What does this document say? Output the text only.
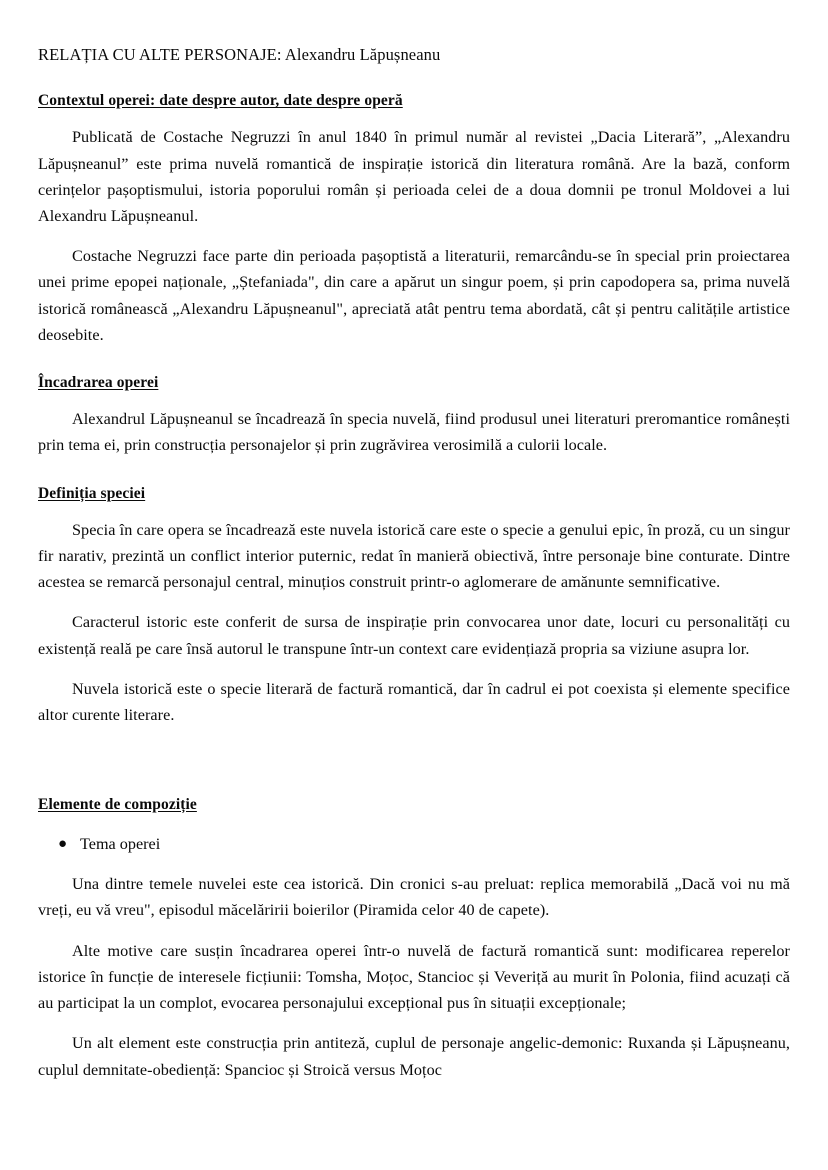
RELAȚIA CU ALTE PERSONAJE: Alexandru Lăpușneanu
Contextul operei: date despre autor, date despre operă

Publicată de Costache Negruzzi în anul 1840 în primul număr al revistei „Dacia Literară”, „Alexandru Lăpușneanul” este prima nuvelă romantică de inspirație istorică din literatura română. Are la bază, conform cerințelor pașoptismului, istoria poporului român și perioada celei de a doua domnii pe tronul Moldovei a lui Alexandru Lăpușneanul.

Costache Negruzzi face parte din perioada pașoptistă a literaturii, remarcându-se în special prin proiectarea unei prime epopei naționale, „Ștefaniada", din care a apărut un singur poem, și prin capodopera sa, prima nuvelă istorică românească „Alexandru Lăpușneanul", apreciată atât pentru tema abordată, cât și pentru calitățile artistice deosebite.

Încadrarea operei

Alexandrul Lăpușneanul se încadrează în specia nuvelă, fiind produsul unei literaturi preromantice românești prin tema ei, prin construcția personajelor și prin zugrăvirea verosimilă a culorii locale.

Definiția speciei

Specia în care opera se încadrează este nuvela istorică care este o specie a genului epic, în proză, cu un singur fir narativ, prezintă un conflict interior puternic, redat în manieră obiectivă, între personaje bine conturate. Dintre acestea se remarcă personajul central, minuțios construit printr-o aglomerare de amănunte semnificative.

Caracterul istoric este conferit de sursa de inspirație prin convocarea unor date, locuri cu personalități cu existență reală pe care însă autorul le transpune într-un context care evidențiază propria sa viziune asupra lor.

Nuvela istorică este o specie literară de factură romantică, dar în cadrul ei pot coexista și elemente specifice altor curente literare.

Elemente de compoziție
● Tema operei

Una dintre temele nuvelei este cea istorică. Din cronici s-au preluat: replica memorabilă „Dacă voi nu mă vreți, eu vă vreu", episodul măcelăririi boierilor (Piramida celor 40 de capete).

Alte motive care susțin încadrarea operei într-o nuvelă de factură romantică sunt: modificarea reperelor istorice în funcție de interesele ficțiunii: Tomsha, Moțoc, Stancioc și Veveriță au murit în Polonia, fiind acuzați că au participat la un complot, evocarea personajului excepțional pus în situații excepționale;

Un alt element este construcția prin antiteză, cuplul de personaje angelic-demonic: Ruxanda și Lăpușneanu, cuplul demnitate-obediență: Spancioc și Stroică versus Moțoc
